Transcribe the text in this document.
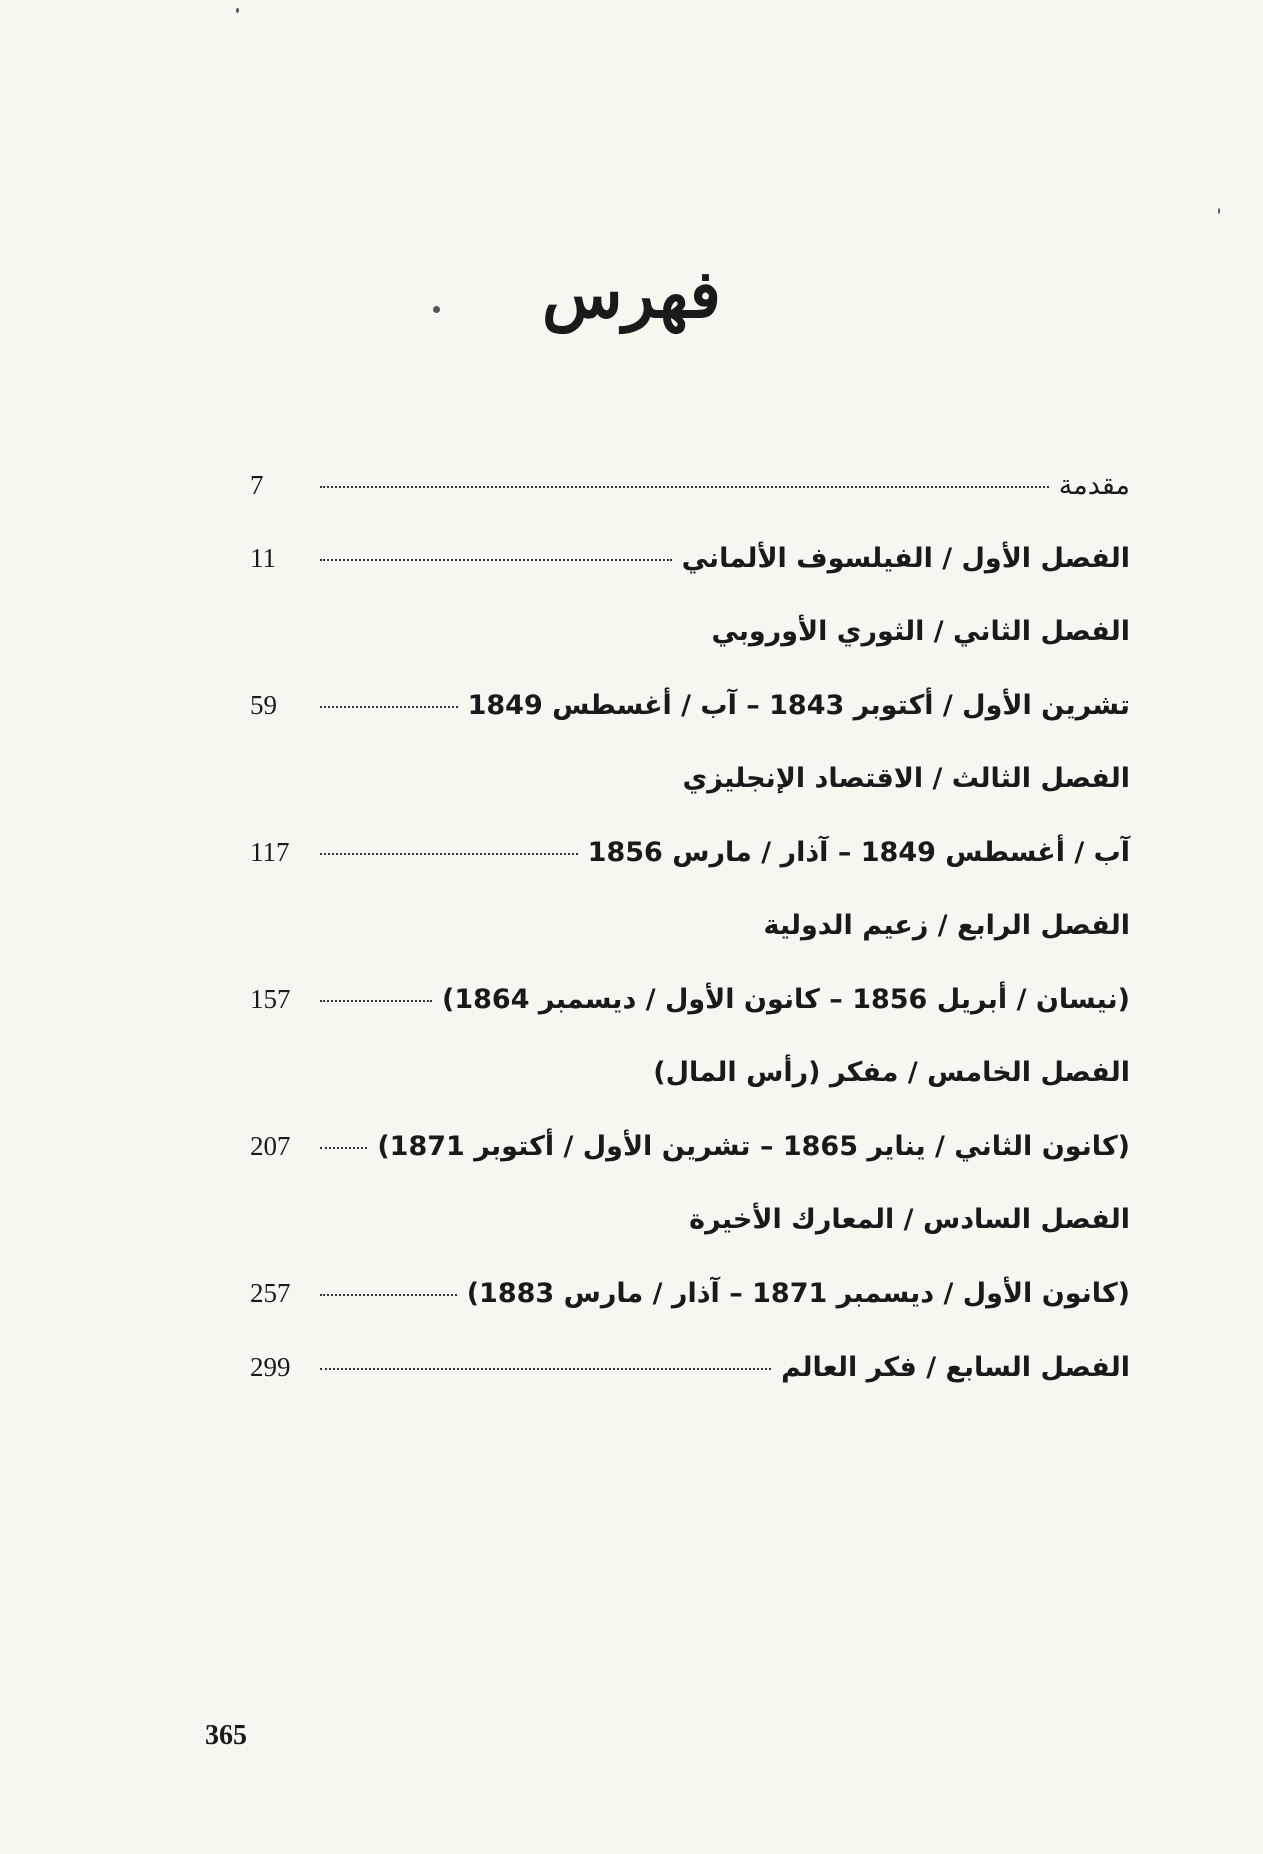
فهرس
مقدمة
7
الفصل الأول / الفيلسوف الألماني
11
الفصل الثاني / الثوري الأوروبي
تشرين الأول / أكتوبر 1843 – آب / أغسطس 1849
59
الفصل الثالث / الاقتصاد الإنجليزي
آب / أغسطس 1849 – آذار / مارس 1856
117
الفصل الرابع / زعيم الدولية
(نيسان / أبريل 1856 – كانون الأول / ديسمبر 1864)
157
الفصل الخامس / مفكر (رأس المال)
(كانون الثاني / يناير 1865 – تشرين الأول / أكتوبر 1871)
207
الفصل السادس / المعارك الأخيرة
(كانون الأول / ديسمبر 1871 – آذار / مارس 1883)
257
الفصل السابع / فكر العالم
299
365
